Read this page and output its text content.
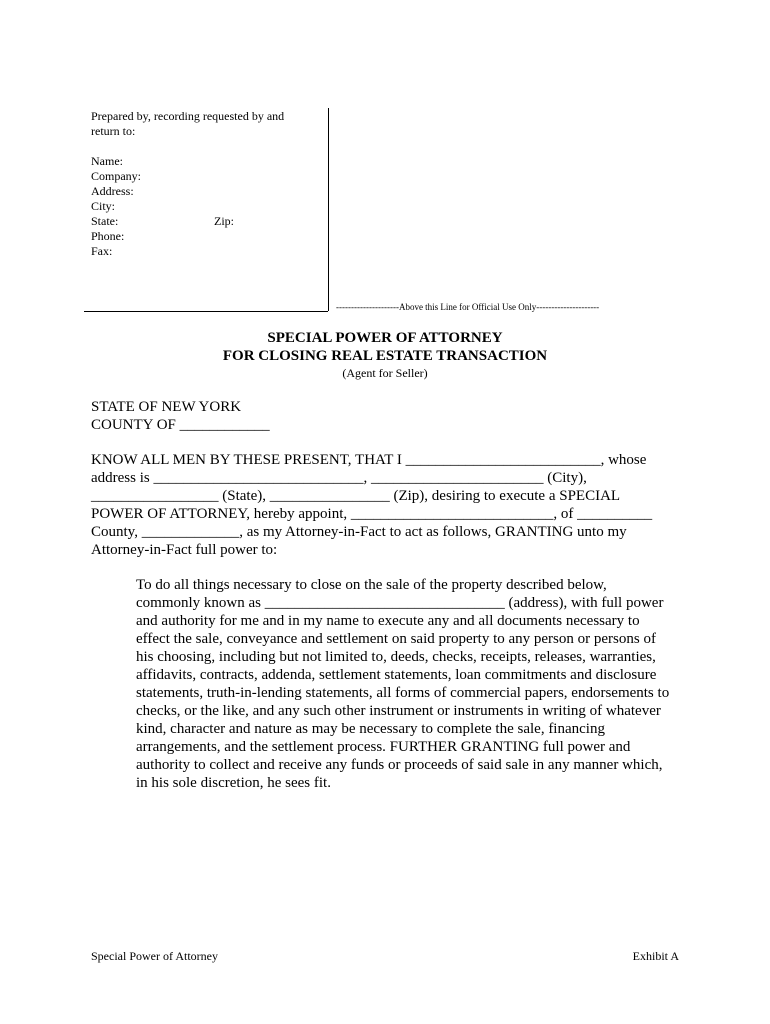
Prepared by, recording requested by and
return to:
Name:
Company:
Address:
City:
State:	Zip:
Phone:
Fax:
---------------------Above this Line for Official Use Only---------------------
SPECIAL POWER OF ATTORNEY
FOR CLOSING REAL ESTATE TRANSACTION
(Agent for Seller)
STATE OF NEW YORK
COUNTY OF ____________
KNOW ALL MEN BY THESE PRESENT, THAT I __________________________, whose
address is ____________________________, _______________________ (City),
_________________ (State), ________________ (Zip), desiring to execute a SPECIAL
POWER OF ATTORNEY, hereby appoint, ___________________________, of __________
County, _____________, as my Attorney-in-Fact to act as follows, GRANTING unto my
Attorney-in-Fact full power to:
To do all things necessary to close on the sale of the property described below,
commonly known as ________________________________ (address), with full power
and authority for me and in my name to execute any and all documents necessary to
effect the sale, conveyance and settlement on said property to any person or persons of
his choosing, including but not limited to, deeds, checks, receipts, releases, warranties,
affidavits, contracts, addenda, settlement statements, loan commitments and disclosure
statements, truth-in-lending statements, all forms of commercial papers, endorsements to
checks, or the like, and any such other instrument or instruments in writing of whatever
kind, character and nature as may be necessary to complete the sale, financing
arrangements, and the settlement process. FURTHER GRANTING full power and
authority to collect and receive any funds or proceeds of said sale in any manner which,
in his sole discretion, he sees fit.
Special Power of Attorney	Exhibit A
